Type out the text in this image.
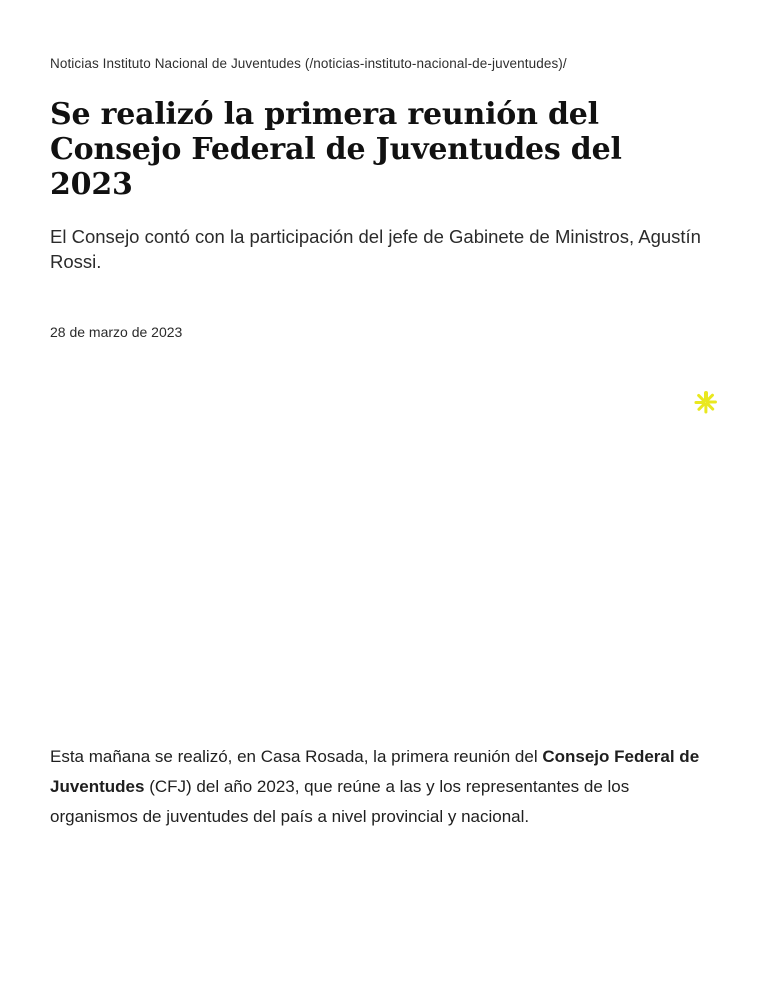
Noticias Instituto Nacional de Juventudes (/noticias-instituto-nacional-de-juventudes)/
Se realizó la primera reunión del Consejo Federal de Juventudes del 2023

El Consejo contó con la participación del jefe de Gabinete de Ministros, Agustín Rossi.

28 de marzo de 2023

Esta mañana se realizó, en Casa Rosada, la primera reunión del Consejo Federal de Juventudes (CFJ) del año 2023, que reúne a las y los representantes de los organismos de juventudes del país a nivel provincial y nacional.
